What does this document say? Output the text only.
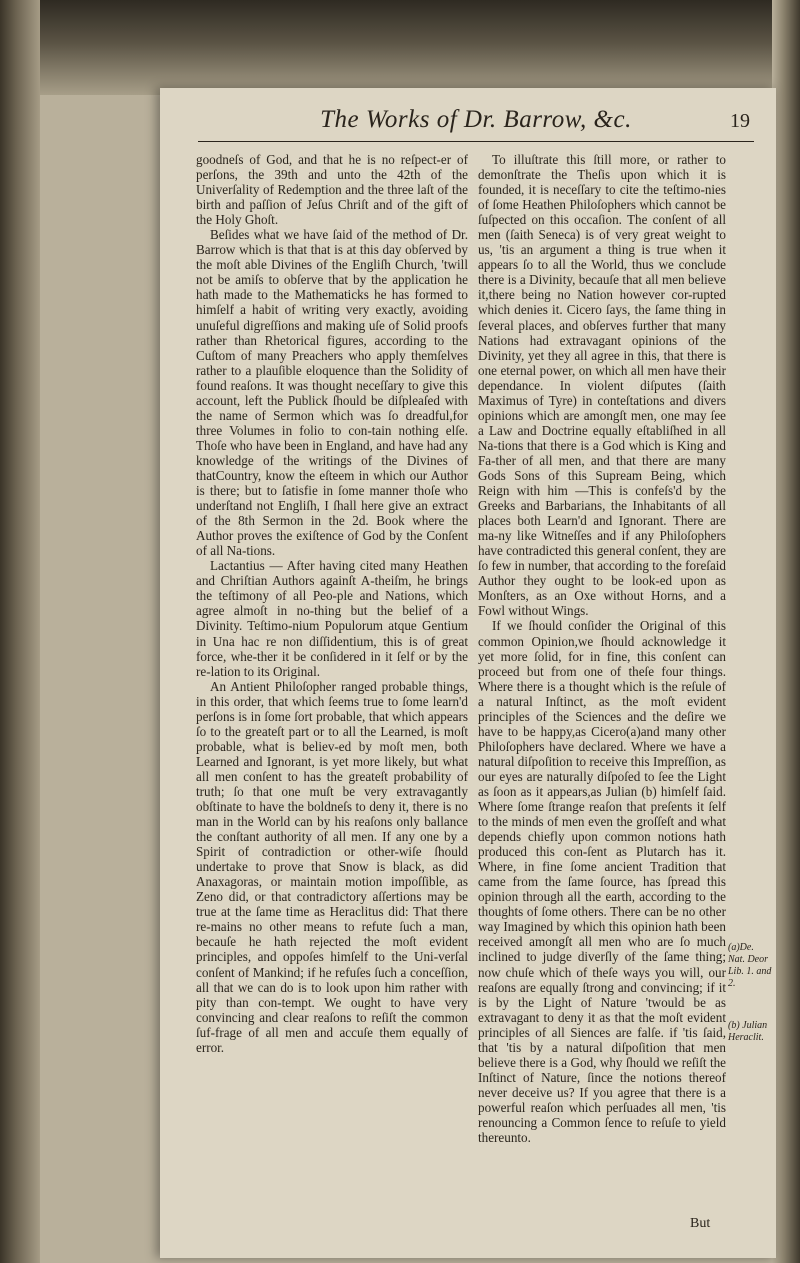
The Works of Dr. Barrow, &c.	19

goodneſs of God, and that he is no reſpect-er of perſons, the 39th and unto the 42th of the Univerſality of Redemption and the three laſt of the birth and paſſion of Jeſus Chriſt and of the gift of the Holy Ghoſt.

Beſides what we have ſaid of the method of Dr. Barrow which is that that is at this day obſerved by the moſt able Divines of the Engliſh Church, 'twill not be amiſs to obſerve that by the application he hath made to the Mathematicks he has formed to himſelf a habit of writing very exactly, avoiding unuſeful digreſſions and making uſe of Solid proofs rather than Rhetorical figures, according to the Cuſtom of many Preachers who apply themſelves rather to a plauſible eloquence than the Solidity of found reaſons. It was thought neceſſary to give this account, left the Publick ſhould be diſpleaſed with the name of Sermon which was ſo dreadful,for three Volumes in folio to con-tain nothing elſe. Thoſe who have been in England, and have had any knowledge of the writings of the Divines of thatCountry, know the eſteem in which our Author is there; but to ſatisfie in ſome manner thoſe who underſtand not Engliſh, I ſhall here give an extract of the 8th Sermon in the 2d. Book where the Author proves the exiſtence of God by the Conſent of all Na-tions.

Lactantius — After having cited many Heathen and Chriſtian Authors againſt A-theiſm, he brings the teſtimony of all Peo-ple and Nations, which agree almoſt in no-thing but the belief of a Divinity. Teſtimo-nium Populorum atque Gentium in Una hac re non diſſidentium, this is of great force, whe-ther it be conſidered in it ſelf or by the re-lation to its Original.

An Antient Philoſopher ranged probable things, in this order, that which ſeems true to ſome learn'd perſons is in ſome ſort probable, that which appears ſo to the greateſt part or to all the Learned, is moſt probable, what is believ-ed by moſt men, both Learned and Ignorant, is yet more likely, but what all men conſent to has the greateſt probability of truth; ſo that one muſt be very extravagantly obſtinate to have the boldneſs to deny it, there is no man in the World can by his reaſons only ballance the conſtant authority of all men. If any one by a Spirit of contradiction or other-wiſe ſhould undertake to prove that Snow is black, as did Anaxagoras, or maintain motion impoſſible, as Zeno did, or that contradictory aſſertions may be true at the ſame time as Heraclitus did: That there re-mains no other means to refute ſuch a man, becauſe he hath rejected the moſt evident principles, and oppoſes himſelf to the Uni-verſal conſent of Mankind; if he refuſes ſuch a conceſſion, all that we can do is to look upon him rather with pity than con-tempt. We ought to have very convincing and clear reaſons to reſiſt the common ſuf-frage of all men and accuſe them equally of error.

To illuſtrate this ſtill more, or rather to demonſtrate the Theſis upon which it is founded, it is neceſſary to cite the teſtimo-nies of ſome Heathen Philoſophers which cannot be ſuſpected on this occaſion. The conſent of all men (ſaith Seneca) is of very great weight to us, 'tis an argument a thing is true when it appears ſo to all the World, thus we conclude there is a Divinity, becauſe that all men believe it,there being no Nation however cor-rupted which denies it. Cicero ſays, the ſame thing in ſeveral places, and obſerves further that many Nations had extravagant opinions of the Divinity, yet they all agree in this, that there is one eternal power, on which all men have their dependance. In violent diſputes (ſaith Maximus of Tyre) in conteſtations and divers opinions which are amongſt men, one may ſee a Law and Doctrine equally eſtabliſhed in all Na-tions that there is a God which is King and Fa-ther of all men, and that there are many Gods Sons of this Supream Being, which Reign with him —This is confeſs'd by the Greeks and Barbarians, the Inhabitants of all places both Learn'd and Ignorant. There are ma-ny like Witneſſes and if any Philoſophers have contradicted this general conſent, they are ſo few in number, that according to the foreſaid Author they ought to be look-ed upon as Monſters, as an Oxe without Horns, and a Fowl without Wings.

If we ſhould conſider the Original of this common Opinion,we ſhould acknowledge it yet more ſolid, for in fine, this conſent can proceed but from one of theſe four things. Where there is a thought which is the reſule of a natural Inſtinct, as the moſt evident principles of the Sciences and the deſire we have to be happy,as Cicero(a)and many other Philoſophers have declared. Where we have a natural diſpoſition to receive this Impreſſion, as our eyes are naturally diſpoſed to ſee the Light as ſoon as it appears,as Julian (b) himſelf ſaid. Where ſome ſtrange reaſon that preſents it ſelf to the minds of men even the groſſeſt and what depends chiefly upon common notions hath produced this con-ſent as Plutarch has it. Where, in fine ſome ancient Tradition that came from the ſame ſource, has ſpread this opinion through all the earth, according to the thoughts of ſome others. There can be no other way Imagined by which this opinion hath been received amongſt all men who are ſo much inclined to judge diverſly of the ſame thing; now chuſe which of theſe ways you will, our reaſons are equally ſtrong and convincing; if it is by the Light of Nature 'twould be as extravagant to deny it as that the moſt evident principles of all Siences are falſe. if 'tis ſaid, that 'tis by a natural diſpoſition that men believe there is a God, why ſhould we reſiſt the Inſtinct of Nature, ſince the notions thereof never deceive us? If you agree that there is a powerful reaſon which perſuades all men, 'tis renouncing a Common ſence to reſuſe to yield thereunto.

(a)De. Nat. Deor Lib. 1. and 2.
(b) Julian Heraclit.
But
